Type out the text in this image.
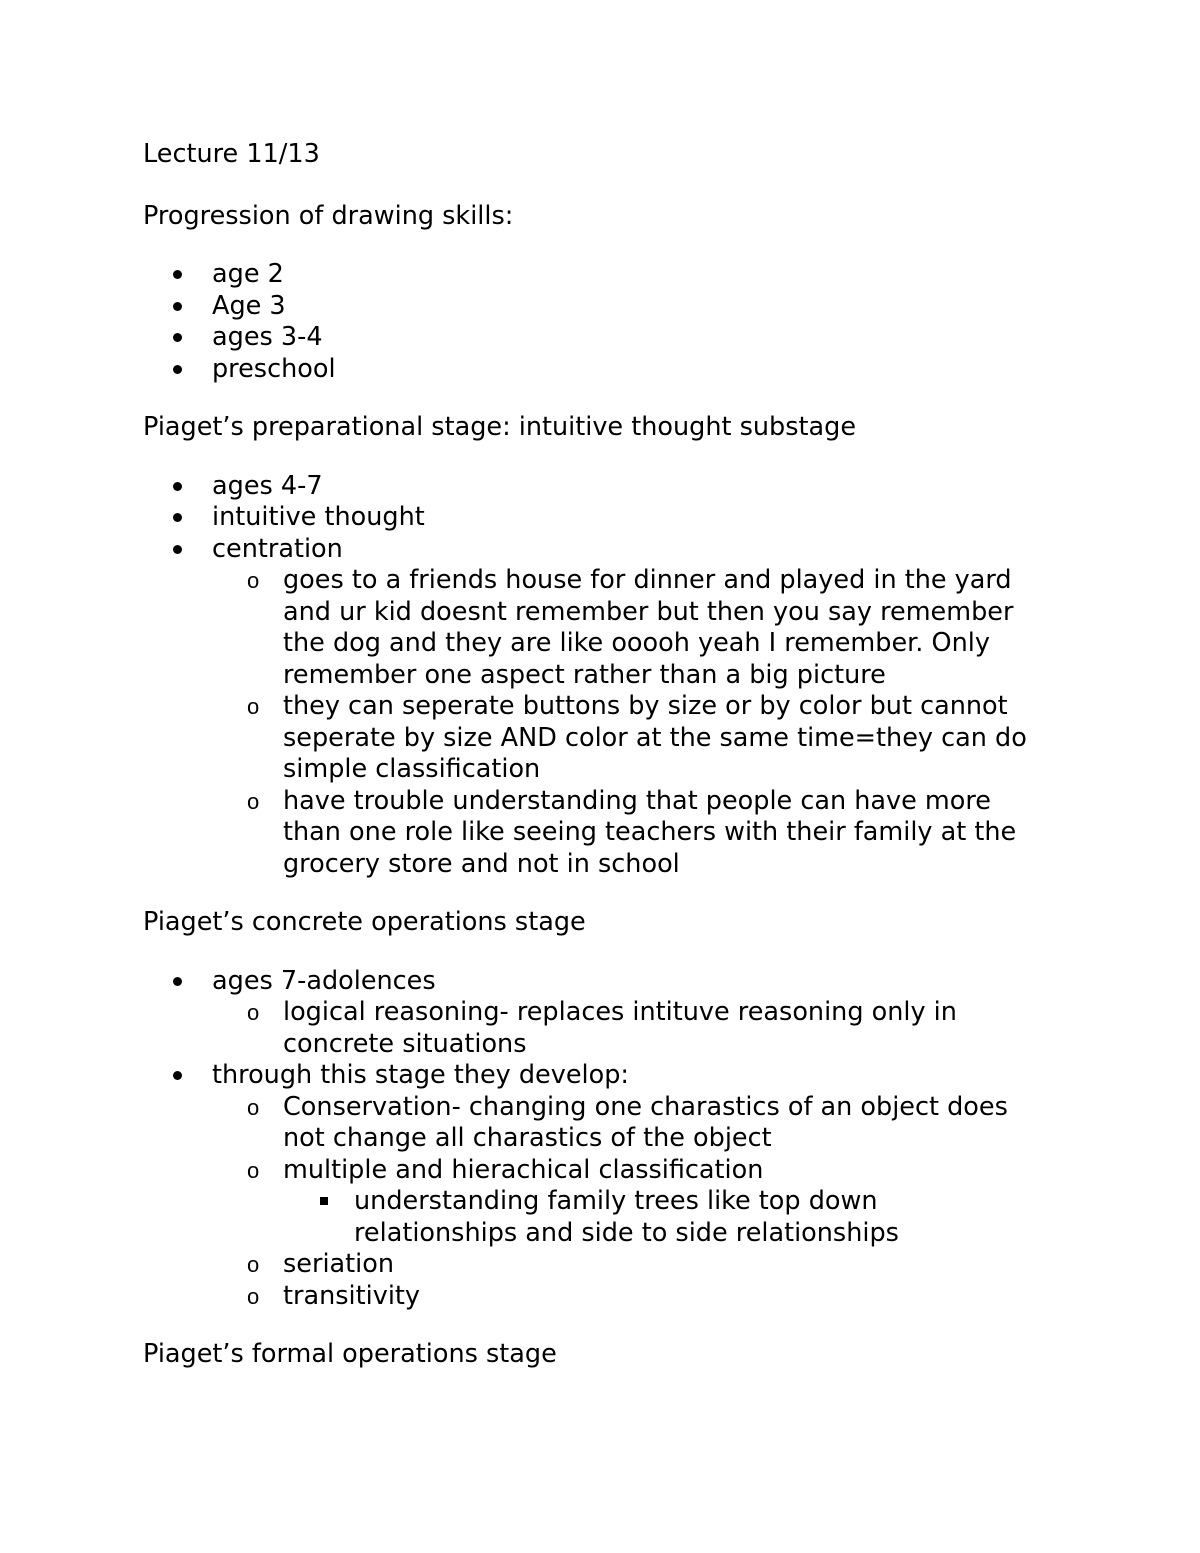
Lecture 11/13

Progression of drawing skills:

age 2
Age 3
ages 3-4
preschool

Piaget’s preparational stage: intuitive thought substage

ages 4-7
intuitive thought
centration
o goes to a friends house for dinner and played in the yard
and ur kid doesnt remember but then you say remember
the dog and they are like ooooh yeah I remember. Only
remember one aspect rather than a big picture
o they can seperate buttons by size or by color but cannot
seperate by size AND color at the same time=they can do
simple classification
o have trouble understanding that people can have more
than one role like seeing teachers with their family at the
grocery store and not in school

Piaget’s concrete operations stage

ages 7-adolences
o logical reasoning- replaces intituve reasoning only in
concrete situations
through this stage they develop:
o Conservation- changing one charastics of an object does
not change all charastics of the object
o multiple and hierachical classification
understanding family trees like top down
relationships and side to side relationships
o seriation
o transitivity

Piaget’s formal operations stage
